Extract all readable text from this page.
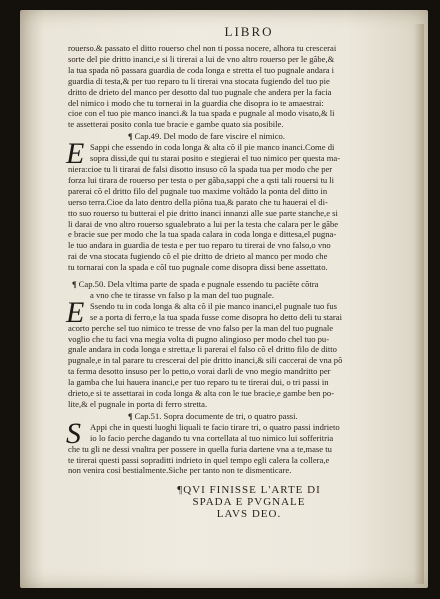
LIBRO
rouerso.& passato el ditto rouerso chel non ti possa nocere, alhora tu crescerai
sorte del pie dritto inanci,e si li tirerai a lui de vno altro rouerso per le gãbe,&
la tua spada nõ passara guardia de coda longa e stretta el tuo pugnale andara i
guardia di testa,& per tuo reparo tu li tirerai vna stocata fugiendo del tuo pie
dritto de drieto del manco per desotto dal tuo pugnale che andera per la facia
del nimico i modo che tu tornerai in la guardia che disopra io te amaestrai:
cioe con el tuo pie manco inanci.& la tua spada e pugnale al modo visato,& li
te assetterai posito conla tue bracie e gambe quato sia posibile.
¶ Cap.49. Del modo de fare viscire el nimico.
E Sappi che essendo in coda longa & alta cõ il pie manco inanci.Come di
sopra dissi,de qui tu starai posito e stegierai el tuo nimico per questa ma-
niera:cioe tu li tirarai de falsi disotto insuso cõ la spada tua per modo che per
forza lui tirara de rouerso per testa o per gãba,sappi che a qsti tali rouersi tu li
parerai cõ el dritto filo del pugnale tuo maxime voltãdo la ponta del ditto in
uerso terra.Cioe da lato dentro della piõna tua,& parato che tu hauerai el di-
tto suo rouerso tu butterai el pie dritto inanci innanzi alle sue parte stanche,e si
li darai de vno altro rouerso sgualebrato a lui per la testa che calara per le gãbe
e bracie sue per modo che la tua spada calara in coda longa e dittesa,el pugna-
le tuo andara in guardia de testa e per tuo reparo tu tirerai de vno falso,o vno
rai de vna stocata fugiendo cõ el pie dritto de drieto al manco per modo che
tu tornarai con la spada e cõl tuo pugnale come disopra dissi bene assettato.
¶ Cap.50. Dela vltima parte de spada e pugnale essendo tu paciẽte cõtra
a vno che te tirasse vn falso p la man del tuo pugnale.
E Ssendo tu in coda longa & alta cõ il pie manco inanci,el pugnale tuo fus
se a porta di ferro,e la tua spada fusse come disopra ho detto deli tu starai
acorto perche sel tuo nimico te tresse de vno falso per la man del tuo pugnale
voglio che tu faci vna megia volta di pugno alingioso per modo chel tuo pu-
gnale andara in coda longa e stretta,e li parerai el falso cõ el dritto filo de ditto
pugnale,e in tal parare tu crescerai del pie dritto inanci,& sili caccerai de vna põ
ta ferma desotto insuso per lo petto,o vorai darli de vno megio mandritto per
la gamba che lui hauera inanci,e per tuo reparo tu te tirerai dui, o tri passi in
drieto,e si te assettarai in coda longa & alta con le tue bracie,e gambe ben po-
lite,& el pugnale in porta di ferro stretta.
¶ Cap.51. Sopra documente de tri, o quatro passi.
S	Appi che in questi luoghi liquali te facio tirare tri, o quatro passi indrieto
io lo facio perche dagando tu vna cortellata al tuo nimico lui sofferitria
che tu gli ne dessi vnaltra per possere in quella furia dartene vna a te,mase tu
te tirerai questi passi sopraditti indrieto in quel tempo egli calera la collera,e
non venira cosi bestialmente.Siche per tanto non te dismenticare.
¶QVI FINISSE L'ARTE DI
SPADA E PVGNALE
LAVS DEO.
